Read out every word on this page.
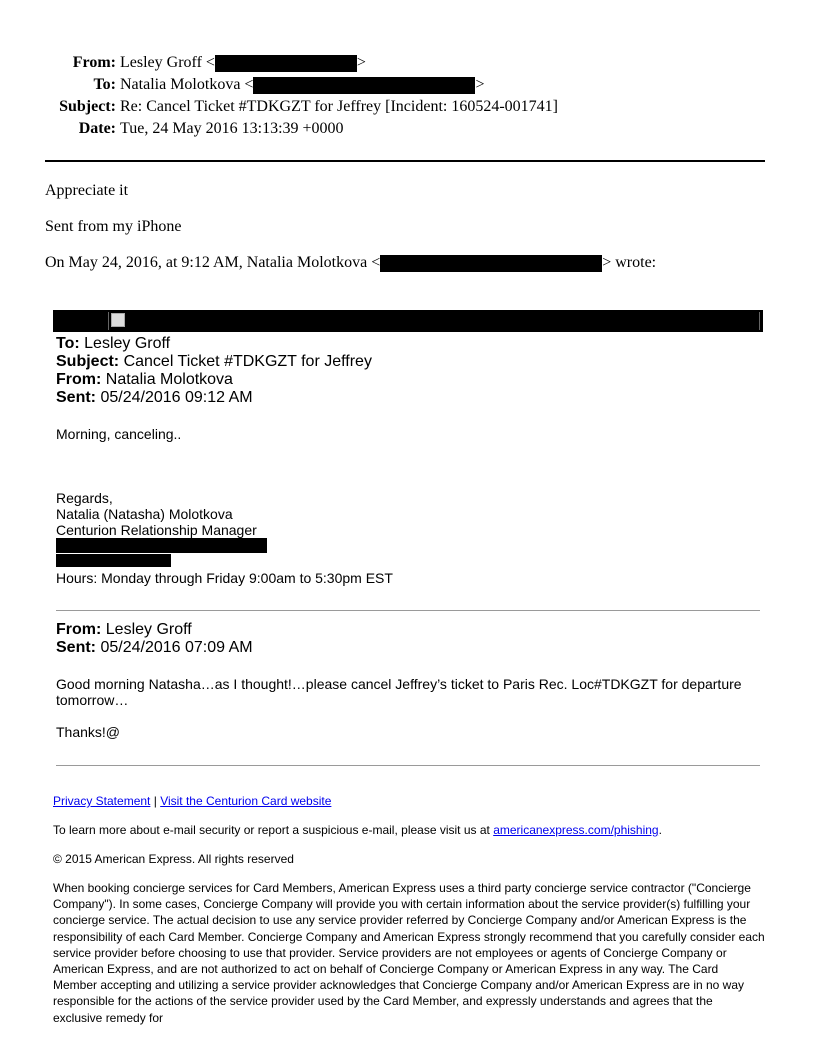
From: Lesley Groff <	>
To: Natalia Molotkova <	>
Subject: Re: Cancel Ticket #TDKGZT for Jeffrey [Incident: 160524-001741]
Date: Tue, 24 May 2016 13:13:39 +0000
Appreciate it
Sent from my iPhone
On May 24, 2016, at 9:12 AM, Natalia Molotkova <	> wrote:
To: Lesley Groff
Subject: Cancel Ticket #TDKGZT for Jeffrey
From: Natalia Molotkova
Sent: 05/24/2016 09:12 AM
Morning, canceling..
Regards,
Natalia (Natasha) Molotkova
Centurion Relationship Manager
Hours: Monday through Friday 9:00am to 5:30pm EST
From: Lesley Groff
Sent: 05/24/2016 07:09 AM
Good morning Natasha…as I thought!…please cancel Jeffrey’s ticket to Paris Rec. Loc#TDKGZT for departure
tomorrow…
Thanks!@
Privacy Statement | Visit the Centurion Card website
To learn more about e-mail security or report a suspicious e-mail, please visit us at americanexpress.com/phishing.
© 2015 American Express. All rights reserved
When booking concierge services for Card Members, American Express uses a third party concierge service contractor ("Concierge Company"). In some cases, Concierge Company will provide you with certain information about the service provider(s) fulfilling your concierge service. The actual decision to use any service provider referred by Concierge Company and/or American Express is the responsibility of each Card Member. Concierge Company and American Express strongly recommend that you carefully consider each service provider before choosing to use that provider. Service providers are not employees or agents of Concierge Company or American Express, and are not authorized to act on behalf of Concierge Company or American Express in any way. The Card Member accepting and utilizing a service provider acknowledges that Concierge Company and/or American Express are in no way responsible for the actions of the service provider used by the Card Member, and expressly understands and agrees that the exclusive remedy for
